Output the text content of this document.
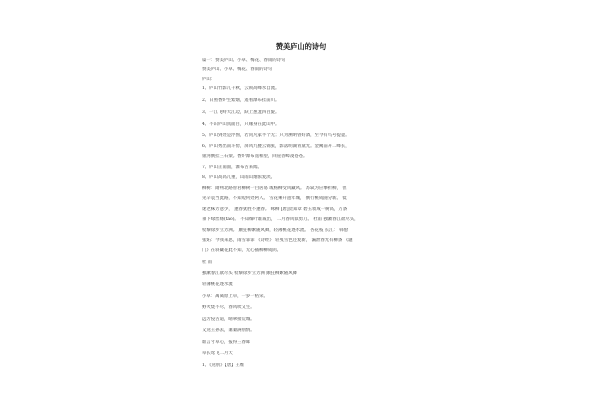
赞美庐山的诗句
篇一：赞美庐山、小草、梅花、春雨的诗句
赞美庐山、小草、梅花、春雨的诗句
庐山：
1、庐山竹影几千秋，云锁高峰水自流。
2、日照香炉生紫烟，遥看瀑布挂前川。
3、一江飞峙大江边，跃上葱茏四百旋。
4、不识庐山真面目，只缘身在此山中。
5、庐山到处是浮图，若问凡家半个无；只为溯明曾好酒，至今有鸟号提壶。
6、庐山秀出南斗傍，屏风九叠云锦张，影落明湖青黛光。金阙前开二峰长，
银河倒挂三石梁。香炉瀑布遥相望，回崖沓嶂凌苍苍。
7、庐山正南面，瀑布古来闻。
8、庐山高高几重，山雨山烟浓复淡。
柳树：隋州北路曾君柳树一白居易 或杨柳受风藏风。 苏轼为应攀折柳， 但
见辛袁当此路，不知短何处阿人。 雪花乘开遗年城， 倒行桃成随分新。 低
迷老株芳意少， 逢春犹胜不逢春。 咏柳 [唐]贺知章 碧玉妆成一树高，万条
垂下绿丝绦(tāo)。 不知细叶谁裁出， 二月春风似剪刀。 杜甫 独漱春江欲尽头，
杖藜徐步立芳洲。 颠狂柳絮随风舞，轻薄桃花逐水流。 杏花枝 长江： 韩愈
张炻：今我来思，雨雪霏霏 《诗经》 轻曳雪色还复新， 漏泄春光有柳条 《题
门》在斜藏花此不知，无心插柳柳成阴。
杜 甫
独漱春江欲尽头 杖藜徐步立芳洲 颠狂柳絮随风舞
轻薄桃花逐水流
小草：离离原上草，一岁一枯荣。
野火烧不尽，春风吹又生。
远芳侵古道，晴翠接荒城。
又送王孙去，萋萋满别情。
谁言寸草心，报得三春晖
草长莺飞二月天
1、《送别》【唐】王维
